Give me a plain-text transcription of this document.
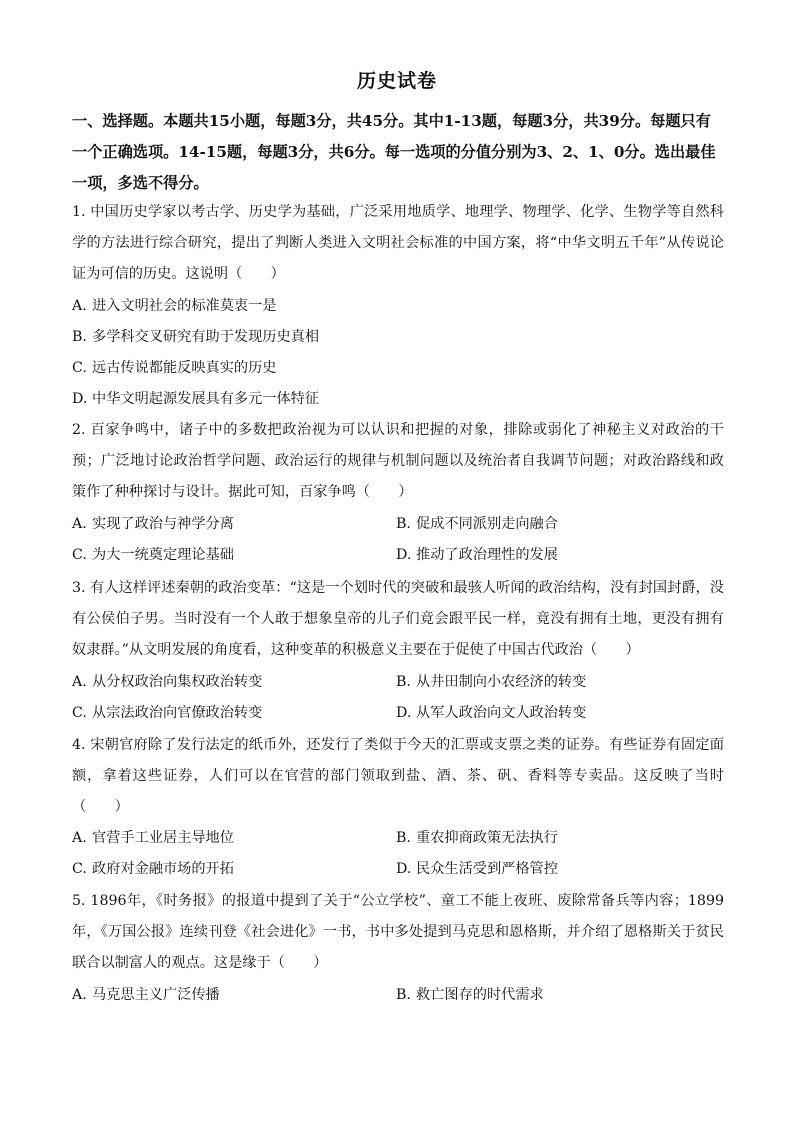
历史试卷
一、选择题。本题共15小题，每题3分，共45分。其中1-13题，每题3分，共39分。每题只有一个正确选项。14-15题，每题3分，共6分。每一选项的分值分别为3、2、1、0分。选出最佳一项，多选不得分。
1. 中国历史学家以考古学、历史学为基础，广泛采用地质学、地理学、物理学、化学、生物学等自然科学的方法进行综合研究，提出了判断人类进入文明社会标准的中国方案，将“中华文明五千年”从传说论证为可信的历史。这说明（　　）
A. 进入文明社会的标准莫衷一是
B. 多学科交叉研究有助于发现历史真相
C. 远古传说都能反映真实的历史
D. 中华文明起源发展具有多元一体特征
2. 百家争鸣中，诸子中的多数把政治视为可以认识和把握的对象，排除或弱化了神秘主义对政治的干预；广泛地讨论政治哲学问题、政治运行的规律与机制问题以及统治者自我调节问题；对政治路线和政策作了种种探讨与设计。据此可知，百家争鸣（　　）
A. 实现了政治与神学分离	B. 促成不同派别走向融合
C. 为大一统奠定理论基础	D. 推动了政治理性的发展
3. 有人这样评述秦朝的政治变革：“这是一个划时代的突破和最骇人听闻的政治结构，没有封国封爵，没有公侯伯子男。当时没有一个人敢于想象皇帝的儿子们竟会跟平民一样，竟没有拥有土地，更没有拥有奴隶群。”从文明发展的角度看，这种变革的积极意义主要在于促使了中国古代政治（　　）
A. 从分权政治向集权政治转变	B. 从井田制向小农经济的转变
C. 从宗法政治向官僚政治转变	D. 从军人政治向文人政治转变
4. 宋朝官府除了发行法定的纸币外，还发行了类似于今天的汇票或支票之类的证券。有些证券有固定面额，拿着这些证券，人们可以在官营的部门领取到盐、酒、茶、矾、香料等专卖品。这反映了当时（　　）
A. 官营手工业居主导地位	B. 重农抑商政策无法执行
C. 政府对金融市场的开拓	D. 民众生活受到严格管控
5. 1896年，《时务报》的报道中提到了关于“公立学校”、童工不能上夜班、废除常备兵等内容；1899年，《万国公报》连续刊登《社会进化》一书，书中多处提到马克思和恩格斯，并介绍了恩格斯关于贫民联合以制富人的观点。这是缘于（　　）
A. 马克思主义广泛传播	B. 救亡图存的时代需求
